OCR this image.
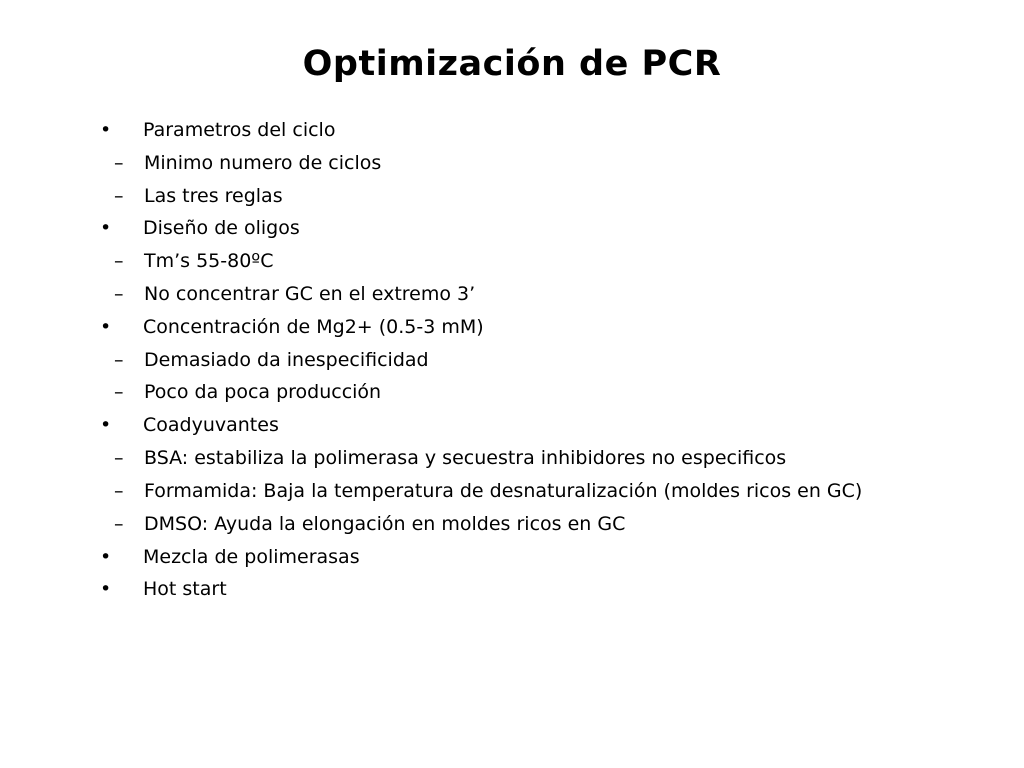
Optimización de PCR
• Parametros del ciclo
– Minimo numero de ciclos
– Las tres reglas
• Diseño de oligos
– Tm’s 55-80ºC
– No concentrar GC en el extremo 3’
• Concentración de Mg2+ (0.5-3 mM)
– Demasiado da inespecificidad
– Poco da poca producción
• Coadyuvantes
– BSA: estabiliza la polimerasa y secuestra inhibidores no especificos
– Formamida: Baja la temperatura de desnaturalización (moldes ricos en GC)
– DMSO: Ayuda la elongación en moldes ricos en GC
• Mezcla de polimerasas
• Hot start
